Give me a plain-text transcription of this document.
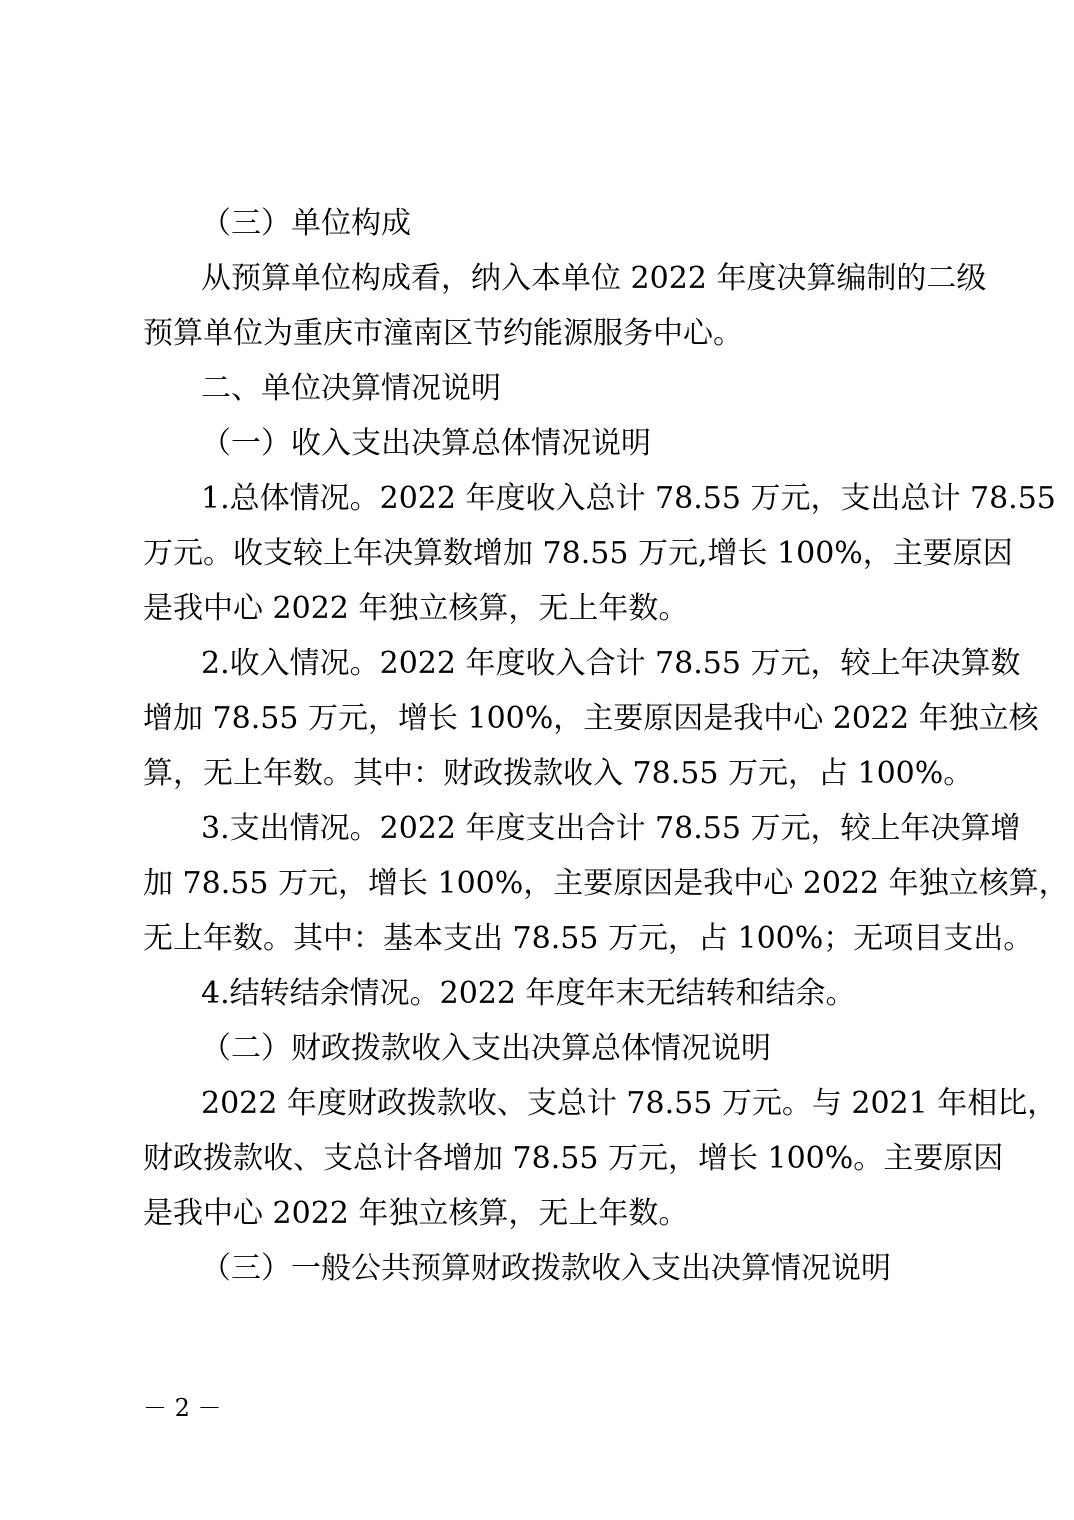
（三）单位构成
从预算单位构成看，纳入本单位 2022 年度决算编制的二级
预算单位为重庆市潼南区节约能源服务中心。
二、单位决算情况说明
（一）收入支出决算总体情况说明
1.总体情况。2022 年度收入总计 78.55 万元，支出总计 78.55
万元。收支较上年决算数增加 78.55 万元,增长 100%，主要原因
是我中心 2022 年独立核算，无上年数。
2.收入情况。2022 年度收入合计 78.55 万元，较上年决算数
增加 78.55 万元，增长 100%，主要原因是我中心 2022 年独立核
算，无上年数。其中：财政拨款收入 78.55 万元，占 100%。
3.支出情况。2022 年度支出合计 78.55 万元，较上年决算增
加 78.55 万元，增长 100%，主要原因是我中心 2022 年独立核算，
无上年数。其中：基本支出 78.55 万元，占 100%；无项目支出。
4.结转结余情况。2022 年度年末无结转和结余。
（二）财政拨款收入支出决算总体情况说明
2022 年度财政拨款收、支总计 78.55 万元。与 2021 年相比，
财政拨款收、支总计各增加 78.55 万元，增长 100%。主要原因
是我中心 2022 年独立核算，无上年数。
（三）一般公共预算财政拨款收入支出决算情况说明
－ 2 －
